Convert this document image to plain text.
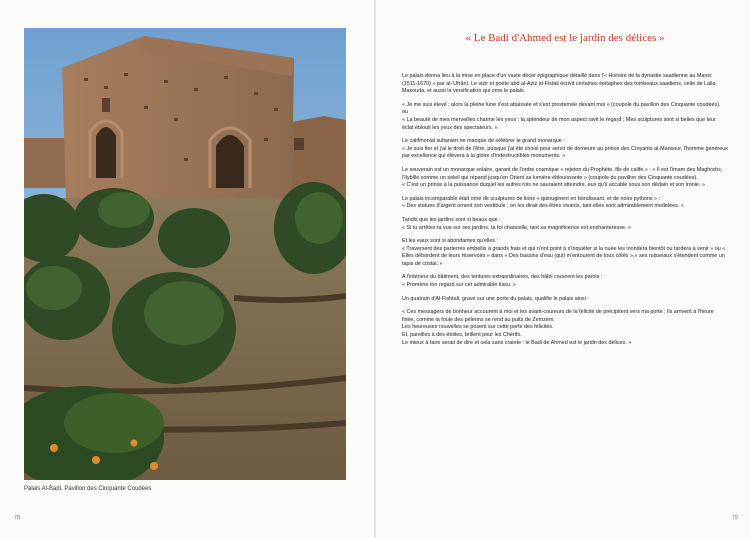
Palais Al-Badi, Pavillon des Cinquante Coudées
78
« Le Badi d'Ahmed est le jardin des délices »

Le palais donna lieu à la mise en place d'un vaste décor épigraphique détaillé dans l'« Histoire de la dynastie saadienne au Maroc (1511-1670) » par al-'Ufrânî. Le vizir et poète abd al-Aziz al-Fistali écrivit certaines épitaphes des tombeaux saadiens, celle de Lalla Masouda, et aussi la versification qui orne le palais.

« Je me suis élevé ; alors la pleine lune s'est abaissée et s'est prosternée devant moi » (coupole du pavillon des Cinquante coudées).

ou

« La beauté de mes merveilles charme les yeux ; la splendeur de mon aspect ravit le regard ; Mes sculptures sont si belles que leur éclat éblouit les yeux des spectateurs. »

Le califmonial sultanien ne manque de célébrer le grand monarque :

« Je suis fier et j'ai le droit de l'être, puisque j'ai été choisi pour servir de demeure au prince des Croyants al-Mansour, l'homme généreux par excellence qui élèvera à la gloire d'indestructibles monuments. »

Le souverain est un monarque solaire, garant de l'ordre cosmique « rejeton du Prophète, fils de calife » : « Il est l'imam des Maghrebs, l'Ilybille comme un soleil qui répand jusqu'en Orient sa lumière éblouissante » (coupole du pavillon des Cinquante coudées).

« C'est un prince à la puissance duquel les autres rois ne sauraient atteindre, eux qu'il accable sous son dédain et son ironie. »

Le palais incomparable était orné de sculptures de lions « quinuginent en bondissant, et de noirs pythons » :

« Des statues d'argent ornent son vestibule ; on les dirait des êtres vivants, tant elles sont admirablement modelées. »

Tandis que les jardins sont si beaux que :

« Si tu arrêtes ta vue sur ses jardins, ta foi chancelle, tant sa magnificence est enchanteresse. »

Et les eaux sont si abondantes qu'elles :

« Traversent des parterres embellis à grands frais et qui n'ont point à s'inquiéter si la nuée les inondera bientôt ou tardera à venir » ou « Elles débordent de leurs réservoirs » dans « Des bassins d'eau (qui) m'entourent de tous côtés »,« ses ruisseaux s'étendent comme un tapis de cristal. »

A l'intérieur du bâtiment, des tentures extraordinaires, des hâlbi couvrent les parois :

« Promène ton regard sur cet admirable tissu. »

Un quatrain d'Al-Fishtali, gravé sur une porte du palais, qualifie le palais ainsi :

« Ces messagers de bonheur accourent à moi et les avant-coureurs de la félicité de précipitent vers ma porte ; ils arrivent à l'heure fixée, comme la foule des pèlerins se rend au puits de Zemzem.

Les heureuses nouvelles se posent sur cette porte des félicités.

Et, pareilles à des étoiles, brillent pour les Chérifs.

Le mieux à faire serait de dire et cela sans crainte : le Badi de Ahmed est le jardin des délices. »

79
